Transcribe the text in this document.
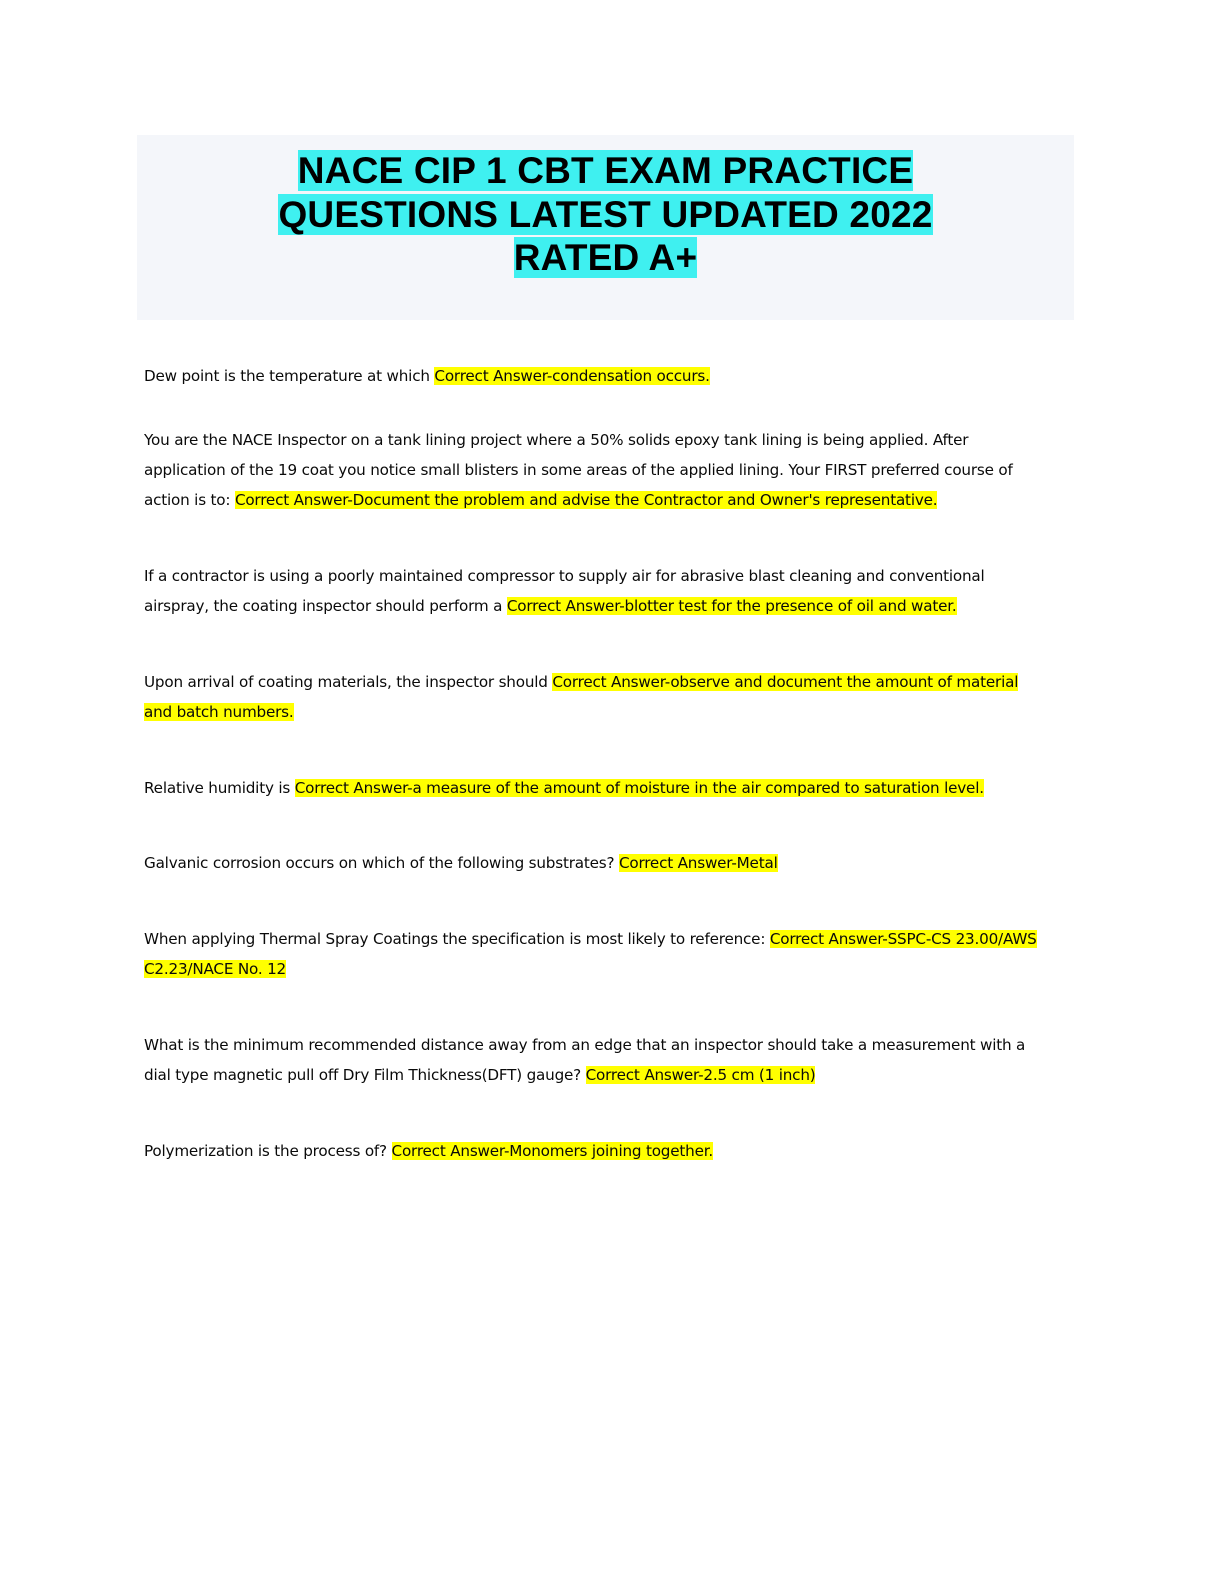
NACE CIP 1 CBT EXAM PRACTICE
QUESTIONS LATEST UPDATED 2022
RATED A+

Dew point is the temperature at which Correct Answer-condensation occurs.

You are the NACE Inspector on a tank lining project where a 50% solids epoxy tank lining is being applied. After application of the 19 coat you notice small blisters in some areas of the applied lining. Your FIRST preferred course of action is to: Correct Answer-Document the problem and advise the Contractor and Owner's representative.

If a contractor is using a poorly maintained compressor to supply air for abrasive blast cleaning and conventional airspray, the coating inspector should perform a Correct Answer-blotter test for the presence of oil and water.

Upon arrival of coating materials, the inspector should Correct Answer-observe and document the amount of material and batch numbers.

Relative humidity is Correct Answer-a measure of the amount of moisture in the air compared to saturation level.

Galvanic corrosion occurs on which of the following substrates? Correct Answer-Metal

When applying Thermal Spray Coatings the specification is most likely to reference: Correct Answer-SSPC-CS 23.00/AWS C2.23/NACE No. 12

What is the minimum recommended distance away from an edge that an inspector should take a measurement with a dial type magnetic pull off Dry Film Thickness(DFT) gauge? Correct Answer-2.5 cm (1 inch)

Polymerization is the process of? Correct Answer-Monomers joining together.
